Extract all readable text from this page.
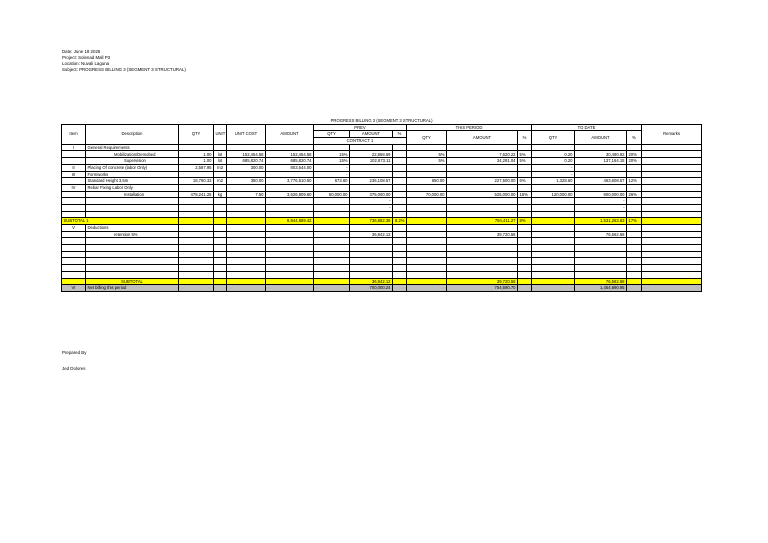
Date: June 18 2025
Project: Solenad Mall P3
Location: Nuvali Laguna
Subject: PROGRESS BILLING 3 (SEGMENT 3 STRUCTURAL)
PROGRESS BILLING 3 (SEGMENT 3 STRUCTURAL)															
Item	Description	QTY	UNIT	UNIT COST	AMOUNT	PREV			THIS PERIOD			TO DATE			Remarks
						QTY	AMOUNT	%	QTY	AMOUNT	%	QTY	AMOUNT	%	
						CONTRACT 1									
I	General Requirements														
	Mobilization/Demobed	1.00	lot	152,454.58	152,454.58	15%	22,868.69		5%	7,620.22	5%	0.20	30,490.92	20%	
	Supervision	1.00	lot	685,820.74	685,820.74	15%	102,873.11		5%	34,291.04	5%	0.20	137,164.15	20%	
II	Placing Of concrete (labor Only)	2,587.95	m3	300.00	803,544.00	-						-			
III	Formworks					-						-			
	Standard Height 3.5m	18,790.33	m2	350.00	3,776,510.50	673.60	236,108.57		650.00	227,500.00	6%	1,328.60	463,608.57	12%	
IV	Rebar Fixing Labor Only														
	Installation	478,241.26	kg	7.50	3,526,809.60	50,000.00	375,000.00		70,000.00	525,000.00	15%	120,000.00	900,000.00	26%	
							-						-		
							-						-		

SUBTOTAL 1					8,944,689.42		736,862.36	8.2%		794,411.27	8%		1,531,263.63	17%	
V	Deductions														
	retention 5%						36,842.12			39,720.56			76,562.68		

	SUBTOTAL						36,842.12			39,720.56			76,562.68		
VI	Net billing this period						700,000.24			754,690.70			1,454,690.95		
Prepared By
Jed Dolores
